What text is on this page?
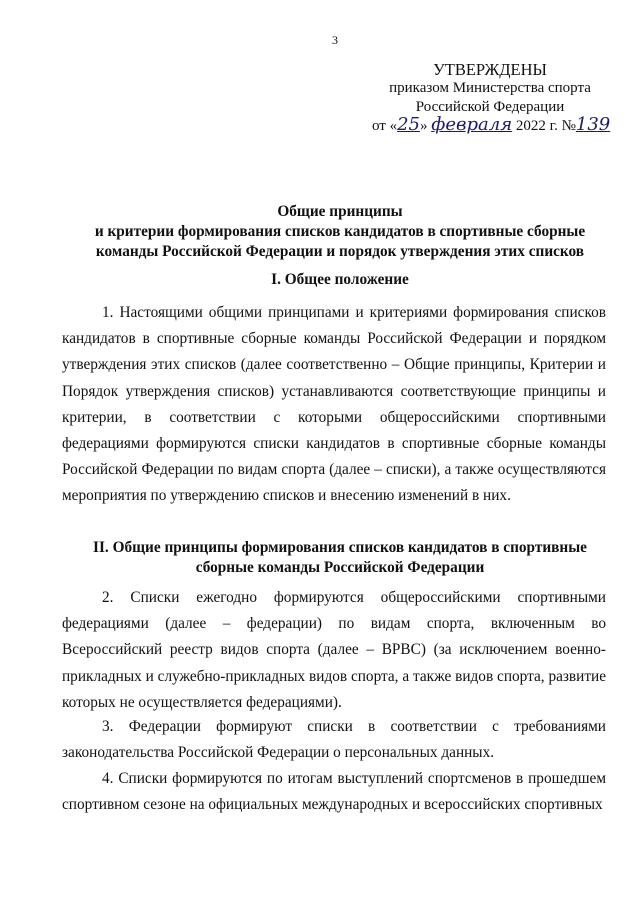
3
УТВЕРЖДЕНЫ
приказом Министерства спорта
Российской Федерации
от «25» февраля 2022 г. №139
Общие принципы
и критерии формирования списков кандидатов в спортивные сборные
команды Российской Федерации и порядок утверждения этих списков
I. Общее положение
1. Настоящими общими принципами и критериями формирования списков кандидатов в спортивные сборные команды Российской Федерации и порядком утверждения этих списков (далее соответственно – Общие принципы, Критерии и Порядок утверждения списков) устанавливаются соответствующие принципы и критерии, в соответствии с которыми общероссийскими спортивными федерациями формируются списки кандидатов в спортивные сборные команды Российской Федерации по видам спорта (далее – списки), а также осуществляются мероприятия по утверждению списков и внесению изменений в них.
II. Общие принципы формирования списков кандидатов в спортивные
сборные команды Российской Федерации
2. Списки ежегодно формируются общероссийскими спортивными федерациями (далее – федерации) по видам спорта, включенным во Всероссийский реестр видов спорта (далее – ВРВС) (за исключением военно-прикладных и служебно-прикладных видов спорта, а также видов спорта, развитие которых не осуществляется федерациями).
3. Федерации формируют списки в соответствии с требованиями законодательства Российской Федерации о персональных данных.
4. Списки формируются по итогам выступлений спортсменов в прошедшем спортивном сезоне на официальных международных и всероссийских спортивных
